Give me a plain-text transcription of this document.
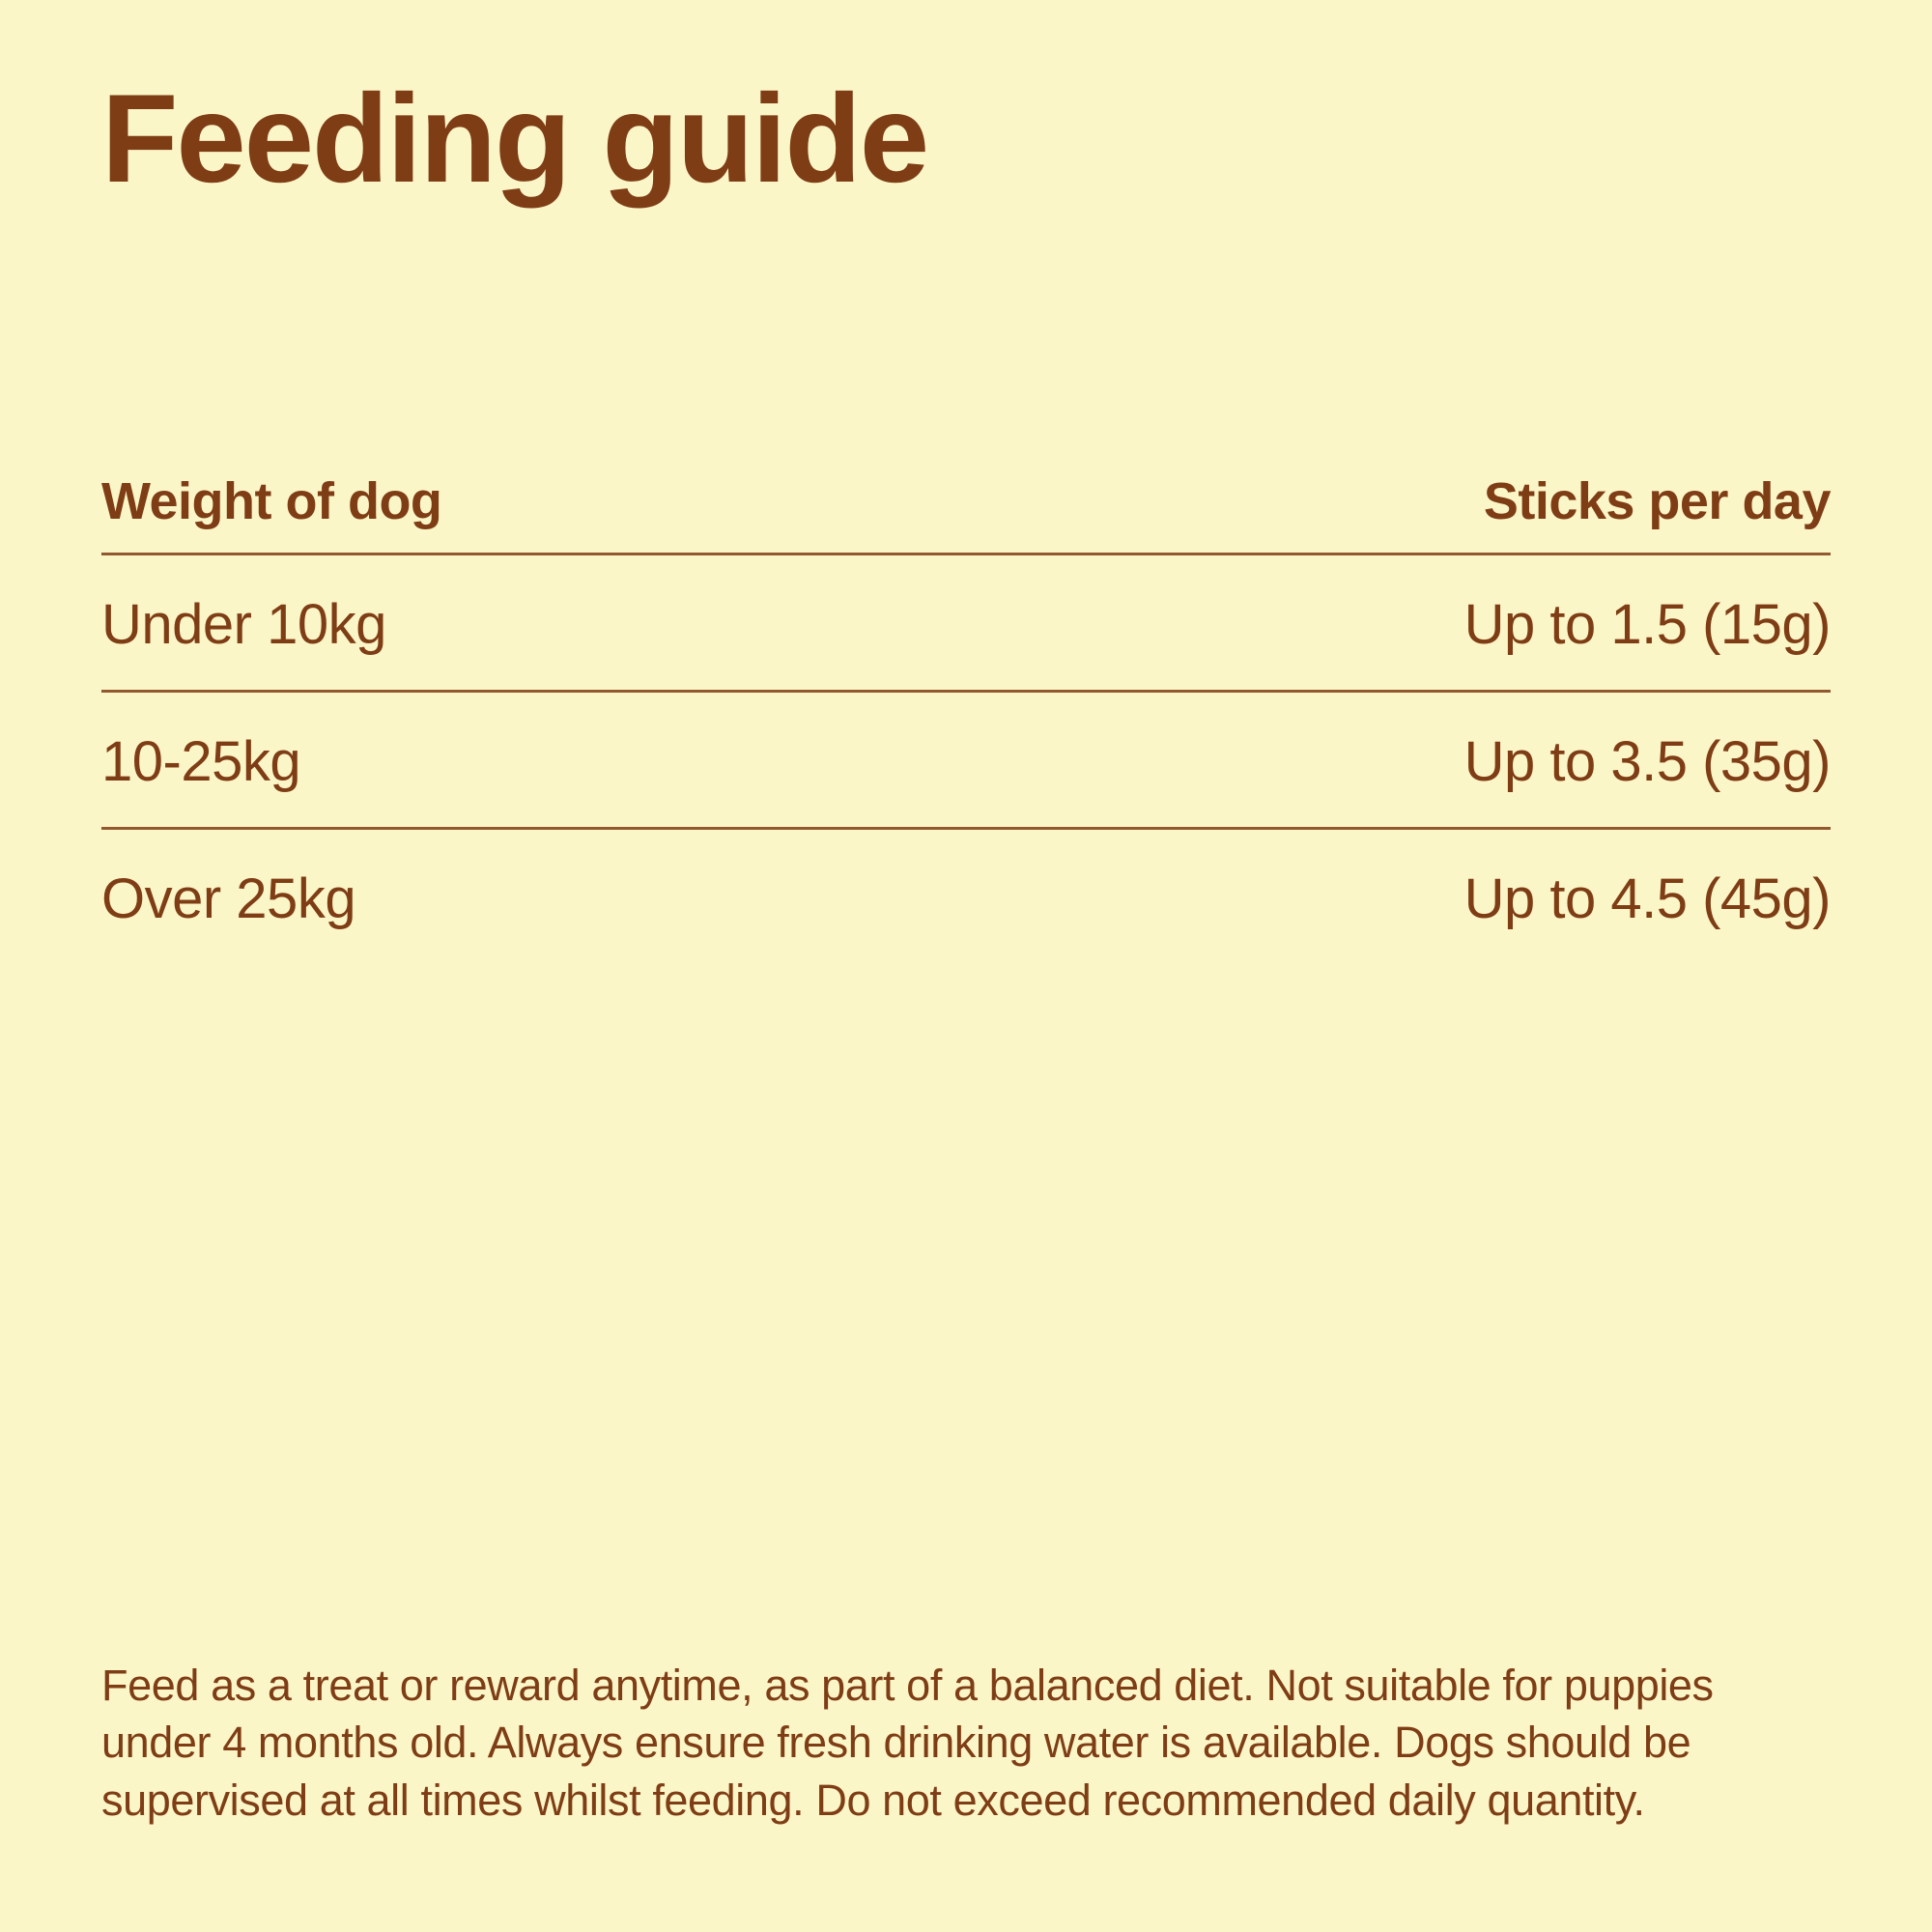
Feeding guide
Weight of dog	Sticks per day
Under 10kg	Up to 1.5 (15g)
10-25kg	Up to 3.5 (35g)
Over 25kg	Up to 4.5 (45g)

Feed as a treat or reward anytime, as part of a balanced diet. Not suitable for puppies under 4 months old. Always ensure fresh drinking water is available. Dogs should be supervised at all times whilst feeding. Do not exceed recommended daily quantity.
